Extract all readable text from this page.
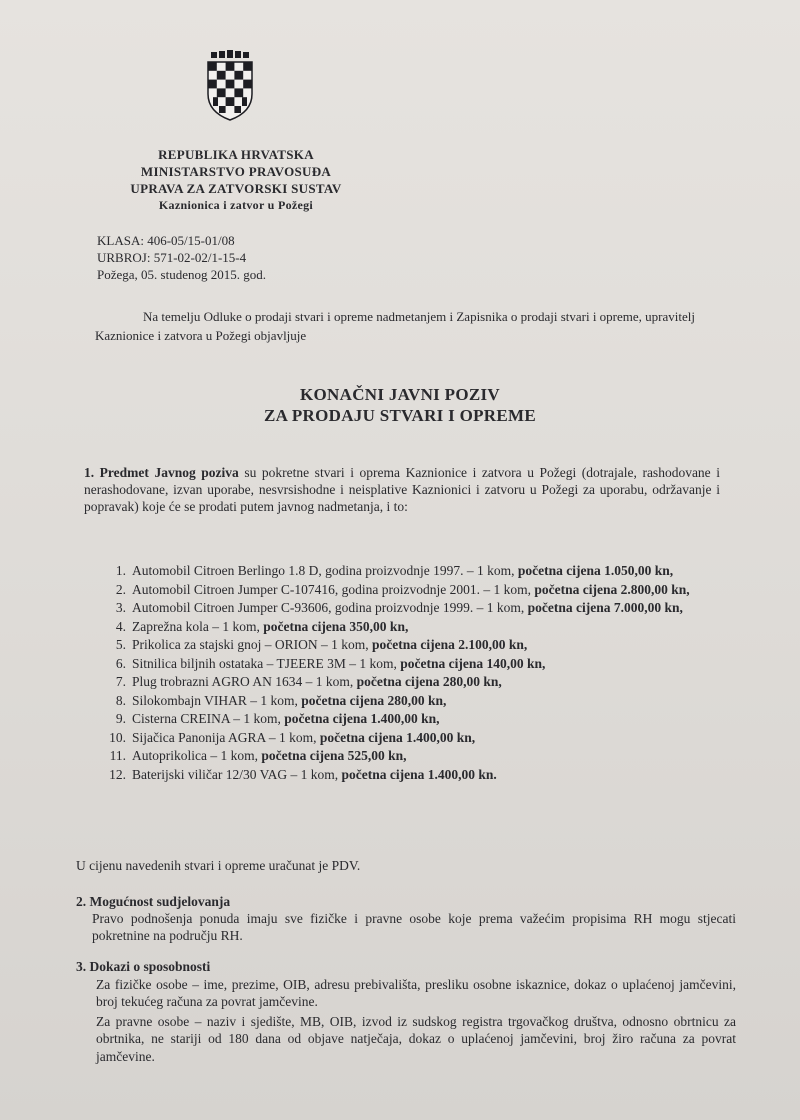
REPUBLIKA HRVATSKA
MINISTARSTVO PRAVOSUĐA
UPRAVA ZA ZATVORSKI SUSTAV
Kaznionica i zatvor u Požegi
KLASA: 406-05/15-01/08
URBROJ: 571-02-02/1-15-4
Požega, 05. studenog 2015. god.
Na temelju Odluke o prodaji stvari i opreme nadmetanjem i Zapisnika o prodaji stvari i opreme, upravitelj Kaznionice i zatvora u Požegi objavljuje
KONAČNI JAVNI POZIV
ZA PRODAJU STVARI I OPREME
1. Predmet Javnog poziva su pokretne stvari i oprema Kaznionice i zatvora u Požegi (dotrajale, rashodovane i nerashodovane, izvan uporabe, nesvrsishodne i neisplative Kaznionici i zatvoru u Požegi za uporabu, održavanje i popravak) koje će se prodati putem javnog nadmetanja, i to:
1. Automobil Citroen Berlingo 1.8 D, godina proizvodnje 1997. – 1 kom, početna cijena 1.050,00 kn,
2. Automobil Citroen Jumper C-107416, godina proizvodnje 2001. – 1 kom, početna cijena 2.800,00 kn,
3. Automobil Citroen Jumper C-93606, godina proizvodnje 1999. – 1 kom, početna cijena 7.000,00 kn,
4. Zaprežna kola – 1 kom, početna cijena 350,00 kn,
5. Prikolica za stajski gnoj – ORION – 1 kom, početna cijena 2.100,00 kn,
6. Sitnilica biljnih ostataka – TJEERE 3M – 1 kom, početna cijena 140,00 kn,
7. Plug trobrazni AGRO AN 1634 – 1 kom, početna cijena 280,00 kn,
8. Silokombajn VIHAR – 1 kom, početna cijena 280,00 kn,
9. Cisterna CREINA – 1 kom, početna cijena 1.400,00 kn,
10. Sijačica Panonija AGRA – 1 kom, početna cijena 1.400,00 kn,
11. Autoprikolica – 1 kom, početna cijena 525,00 kn,
12. Baterijski viličar 12/30 VAG – 1 kom, početna cijena 1.400,00 kn.
U cijenu navedenih stvari i opreme uračunat je PDV.
2. Mogućnost sudjelovanja
Pravo podnošenja ponuda imaju sve fizičke i pravne osobe koje prema važećim propisima RH mogu stjecati pokretnine na području RH.
3. Dokazi o sposobnosti

Za fizičke osobe – ime, prezime, OIB, adresu prebivališta, presliku osobne iskaznice, dokaz o uplaćenoj jamčevini, broj tekućeg računa za povrat jamčevine.

Za pravne osobe – naziv i sjedište, MB, OIB, izvod iz sudskog registra trgovačkog društva, odnosno obrtnicu za obrtnika, ne stariji od 180 dana od objave natječaja, dokaz o uplaćenoj jamčevini, broj žiro računa za povrat jamčevine.
